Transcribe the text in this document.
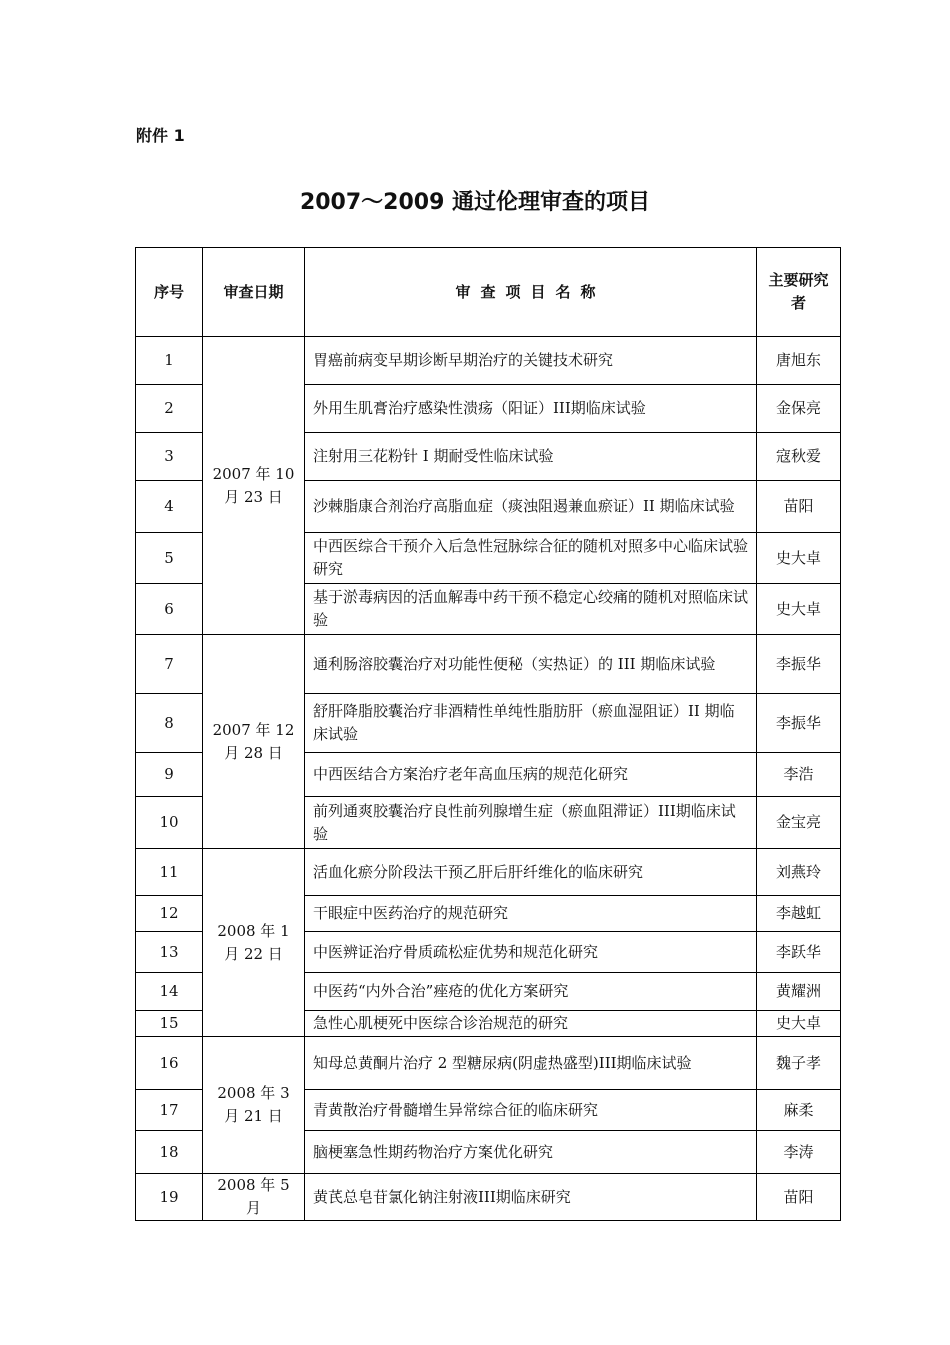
附件 1
2007～2009 通过伦理审查的项目
序号	审查日期	审查项目名称	主要研究者
1	2007 年 10 月 23 日	胃癌前病变早期诊断早期治疗的关键技术研究	唐旭东
2		外用生肌膏治疗感染性溃疡（阳证）III期临床试验	金保亮
3		注射用三花粉针 I 期耐受性临床试验	寇秋爱
4		沙棘脂康合剂治疗高脂血症（痰浊阻遏兼血瘀证）II 期临床试验	苗阳
5		中西医综合干预介入后急性冠脉综合征的随机对照多中心临床试验研究	史大卓
6		基于淤毒病因的活血解毒中药干预不稳定心绞痛的随机对照临床试验	史大卓
7	2007 年 12 月 28 日	通利肠溶胶囊治疗对功能性便秘（实热证）的 III 期临床试验	李振华
8		舒肝降脂胶囊治疗非酒精性单纯性脂肪肝（瘀血湿阻证）II 期临床试验	李振华
9		中西医结合方案治疗老年高血压病的规范化研究	李浩
10		前列通爽胶囊治疗良性前列腺增生症（瘀血阻滞证）III期临床试验	金宝亮
11	2008 年 1 月 22 日	活血化瘀分阶段法干预乙肝后肝纤维化的临床研究	刘燕玲
12		干眼症中医药治疗的规范研究	李越虹
13		中医辨证治疗骨质疏松症优势和规范化研究	李跃华
14		中医药“内外合治”痤疮的优化方案研究	黄耀洲
15		急性心肌梗死中医综合诊治规范的研究	史大卓
16	2008 年 3 月 21 日	知母总黄酮片治疗 2 型糖尿病(阴虚热盛型)III期临床试验	魏子孝
17		青黄散治疗骨髓增生异常综合征的临床研究	麻柔
18		脑梗塞急性期药物治疗方案优化研究	李涛
19	2008 年 5 月	黄芪总皂苷氯化钠注射液III期临床研究	苗阳
